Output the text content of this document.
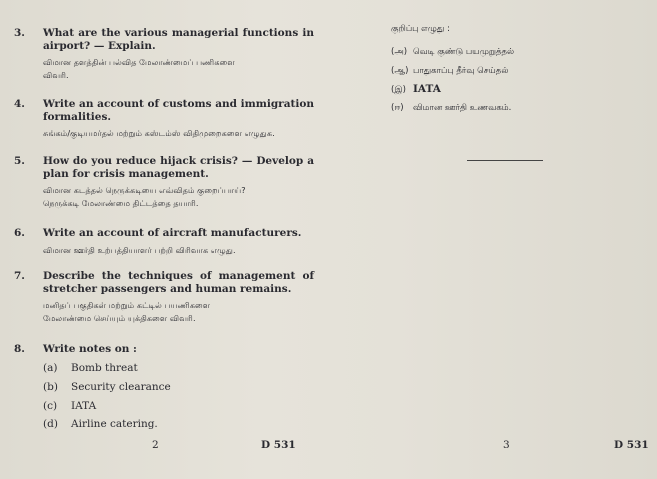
3. What are the various managerial functions in airport? — Explain.
விமான தளத்தின் பல்வித மேலாண்மைப் பணிகளை
விவரி.
4. Write an account of customs and immigration formalities.
சுங்கம்/குடியமர்தல் மற்றும் கஸ்டம்ஸ் விதிமுறைகளை எழுதுக.
5. How do you reduce hijack crisis? — Develop a plan for crisis management.
விமான கடத்தல் நெருக்கடியை எவ்விதம் குறைப்பாய்?
நெருக்கடி மேலாண்மை திட்டத்தை தயாரி.
6. Write an account of aircraft manufacturers.
விமான ஊர்தி உற்பத்தியாளர் பற்றி விரிவாக எழுது.
7. Describe the techniques of management of stretcher passengers and human remains.
மனிதப் பகுதிகள் மற்றும் கட்டில் பயணிகளை
மேலாண்மை செய்யும் யுக்திகளை விவரி.
8. Write notes on :
(a) Bomb threat
(b) Security clearance
(c) IATA
(d) Airline catering.
2	D 531	3	D 531
குறிப்பு எழுது :
(அ) வெடி குண்டு பயமுறுத்தல்
(ஆ) பாதுகாப்பு தீர்வு செய்தல்
(இ) IATA
(ஈ) விமான ஊர்தி உணவகம்.
